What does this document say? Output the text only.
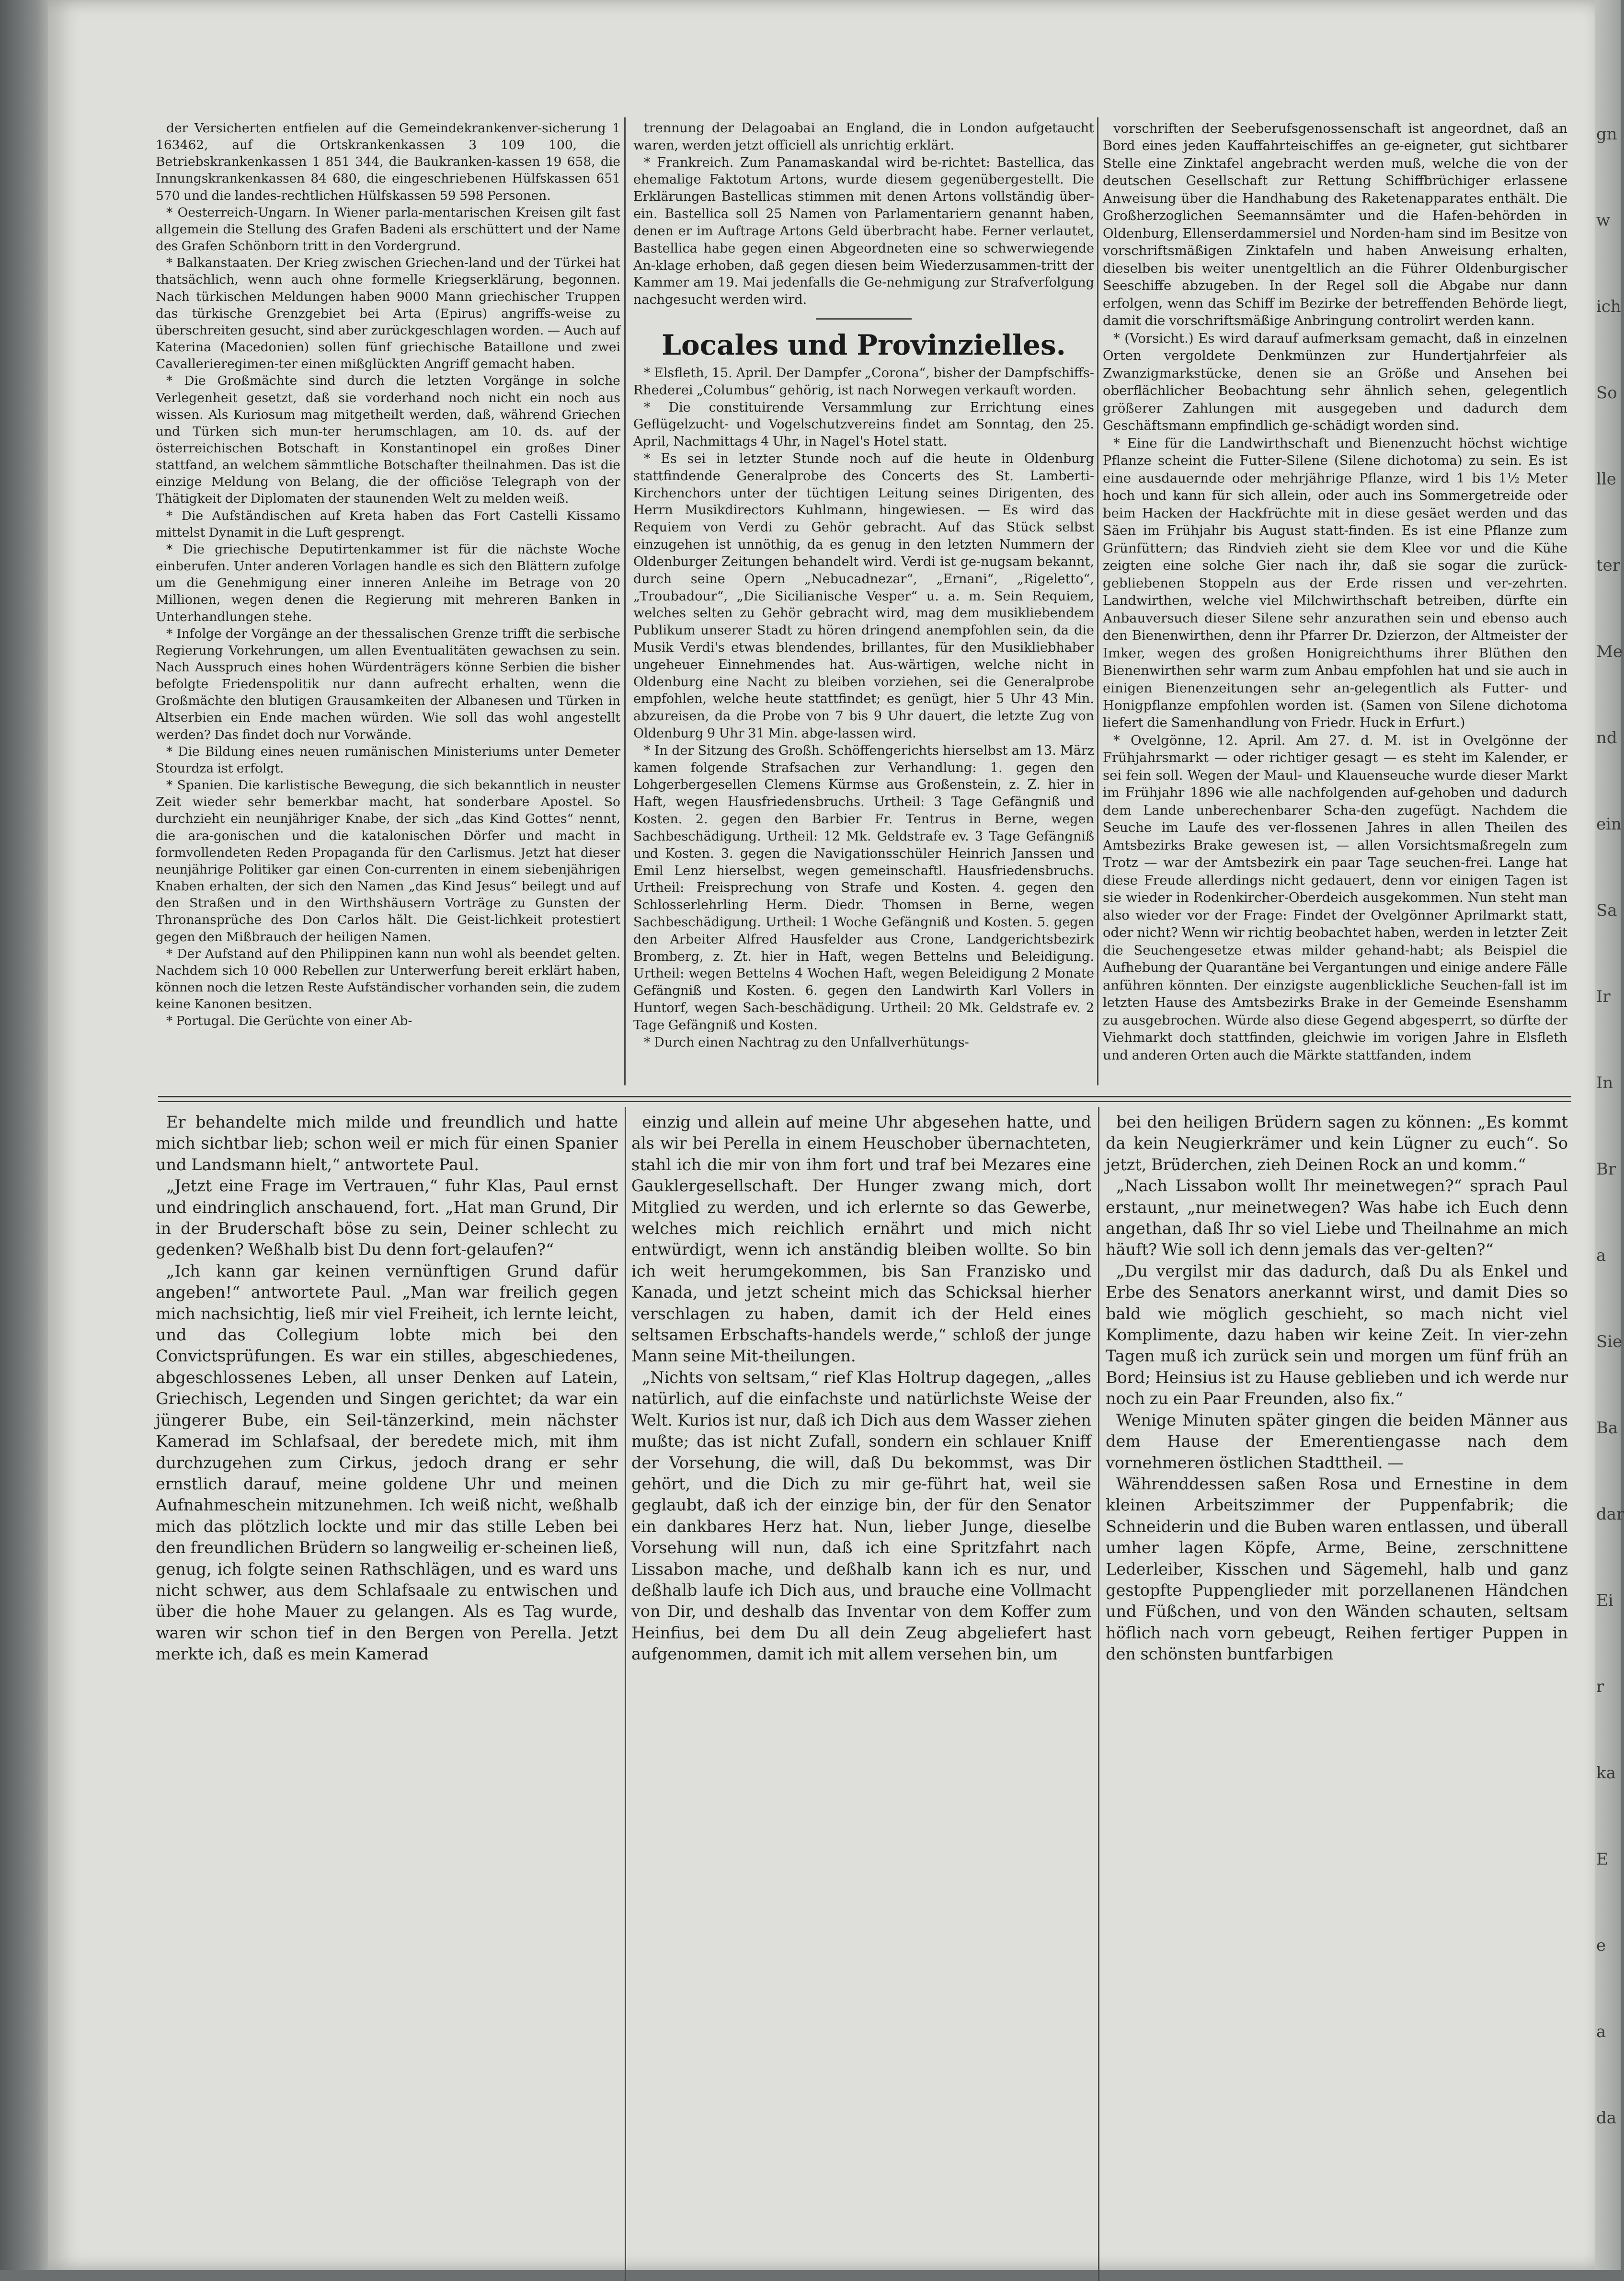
gn
w
ich
So
lle
ter
Me
nd
ein
Sa
Ir
In
Br
a
Sie
Ba
dar
Ei
r
ka
E
e
a
da

der Versicherten entfielen auf die Gemeindekrankenver-sicherung 1 163462, auf die Ortskrankenkassen 3 109 100, die Betriebskrankenkassen 1 851 344, die Baukranken-kassen 19 658, die Innungskrankenkassen 84 680, die eingeschriebenen Hülfskassen 651 570 und die landes-rechtlichen Hülfskassen 59 598 Personen.

* Oesterreich-Ungarn. In Wiener parla-mentarischen Kreisen gilt fast allgemein die Stellung des Grafen Badeni als erschüttert und der Name des Grafen Schönborn tritt in den Vordergrund.

* Balkanstaaten. Der Krieg zwischen Griechen-land und der Türkei hat thatsächlich, wenn auch ohne formelle Kriegserklärung, begonnen. Nach türkischen Meldungen haben 9000 Mann griechischer Truppen das türkische Grenzgebiet bei Arta (Epirus) angriffs-weise zu überschreiten gesucht, sind aber zurückgeschlagen worden. — Auch auf Katerina (Macedonien) sollen fünf griechische Bataillone und zwei Cavallerieregimen-ter einen mißglückten Angriff gemacht haben.

* Die Großmächte sind durch die letzten Vorgänge in solche Verlegenheit gesetzt, daß sie vorderhand noch nicht ein noch aus wissen. Als Kuriosum mag mitgetheilt werden, daß, während Griechen und Türken sich mun-ter herumschlagen, am 10. ds. auf der österreichischen Botschaft in Konstantinopel ein großes Diner stattfand, an welchem sämmtliche Botschafter theilnahmen. Das ist die einzige Meldung von Belang, die der officiöse Telegraph von der Thätigkeit der Diplomaten der staunenden Welt zu melden weiß.

* Die Aufständischen auf Kreta haben das Fort Castelli Kissamo mittelst Dynamit in die Luft gesprengt.

* Die griechische Deputirtenkammer ist für die nächste Woche einberufen. Unter anderen Vorlagen handle es sich den Blättern zufolge um die Genehmigung einer inneren Anleihe im Betrage von 20 Millionen, wegen denen die Regierung mit mehreren Banken in Unterhandlungen stehe.

* Infolge der Vorgänge an der thessalischen Grenze trifft die serbische Regierung Vorkehrungen, um allen Eventualitäten gewachsen zu sein. Nach Ausspruch eines hohen Würdenträgers könne Serbien die bisher befolgte Friedenspolitik nur dann aufrecht erhalten, wenn die Großmächte den blutigen Grausamkeiten der Albanesen und Türken in Altserbien ein Ende machen würden. Wie soll das wohl angestellt werden? Das findet doch nur Vorwände.

* Die Bildung eines neuen rumänischen Ministeriums unter Demeter Stourdza ist erfolgt.

* Spanien. Die karlistische Bewegung, die sich bekanntlich in neuster Zeit wieder sehr bemerkbar macht, hat sonderbare Apostel. So durchzieht ein neunjähriger Knabe, der sich „das Kind Gottes“ nennt, die ara-gonischen und die katalonischen Dörfer und macht in formvollendeten Reden Propaganda für den Carlismus. Jetzt hat dieser neunjährige Politiker gar einen Con-currenten in einem siebenjährigen Knaben erhalten, der sich den Namen „das Kind Jesus“ beilegt und auf den Straßen und in den Wirthshäusern Vorträge zu Gunsten der Thronansprüche des Don Carlos hält. Die Geist-lichkeit protestiert gegen den Mißbrauch der heiligen Namen.

* Der Aufstand auf den Philippinen kann nun wohl als beendet gelten. Nachdem sich 10 000 Rebellen zur Unterwerfung bereit erklärt haben, können noch die letzen Reste Aufständischer vorhanden sein, die zudem keine Kanonen besitzen.

* Portugal. Die Gerüchte von einer Ab-

trennung der Delagoabai an England, die in London aufgetaucht waren, werden jetzt officiell als unrichtig erklärt.

* Frankreich. Zum Panamaskandal wird be-richtet: Bastellica, das ehemalige Faktotum Artons, wurde diesem gegenübergestellt. Die Erklärungen Bastellicas stimmen mit denen Artons vollständig über-ein. Bastellica soll 25 Namen von Parlamentariern genannt haben, denen er im Auftrage Artons Geld überbracht habe. Ferner verlautet, Bastellica habe gegen einen Abgeordneten eine so schwerwiegende An-klage erhoben, daß gegen diesen beim Wiederzusammen-tritt der Kammer am 19. Mai jedenfalls die Ge-nehmigung zur Strafverfolgung nachgesucht werden wird.

Locales und Provinzielles.

* Elsfleth, 15. April. Der Dampfer „Corona“, bisher der Dampfschiffs-Rhederei „Columbus“ gehörig, ist nach Norwegen verkauft worden.

* Die constituirende Versammlung zur Errichtung eines Geflügelzucht- und Vogelschutzvereins findet am Sonntag, den 25. April, Nachmittags 4 Uhr, in Nagel's Hotel statt.

* Es sei in letzter Stunde noch auf die heute in Oldenburg stattfindende Generalprobe des Concerts des St. Lamberti-Kirchenchors unter der tüchtigen Leitung seines Dirigenten, des Herrn Musikdirectors Kuhlmann, hingewiesen. — Es wird das Requiem von Verdi zu Gehör gebracht. Auf das Stück selbst einzugehen ist unnöthig, da es genug in den letzten Nummern der Oldenburger Zeitungen behandelt wird. Verdi ist ge-nugsam bekannt, durch seine Opern „Nebucadnezar“, „Ernani“, „Rigeletto“, „Troubadour“, „Die Sicilianische Vesper“ u. a. m. Sein Requiem, welches selten zu Gehör gebracht wird, mag dem musikliebendem Publikum unserer Stadt zu hören dringend anempfohlen sein, da die Musik Verdi's etwas blendendes, brillantes, für den Musikliebhaber ungeheuer Einnehmendes hat. Aus-wärtigen, welche nicht in Oldenburg eine Nacht zu bleiben vorziehen, sei die Generalprobe empfohlen, welche heute stattfindet; es genügt, hier 5 Uhr 43 Min. abzureisen, da die Probe von 7 bis 9 Uhr dauert, die letzte Zug von Oldenburg 9 Uhr 31 Min. abge-lassen wird.

* In der Sitzung des Großh. Schöffengerichts hierselbst am 13. März kamen folgende Strafsachen zur Verhandlung: 1. gegen den Lohgerbergesellen Clemens Kürmse aus Großenstein, z. Z. hier in Haft, wegen Hausfriedensbruchs. Urtheil: 3 Tage Gefängniß und Kosten. 2. gegen den Barbier Fr. Tentrus in Berne, wegen Sachbeschädigung. Urtheil: 12 Mk. Geldstrafe ev. 3 Tage Gefängniß und Kosten. 3. gegen die Navigationsschüler Heinrich Janssen und Emil Lenz hierselbst, wegen gemeinschaftl. Hausfriedensbruchs. Urtheil: Freisprechung von Strafe und Kosten. 4. gegen den Schlosserlehrling Herm. Diedr. Thomsen in Berne, wegen Sachbeschädigung. Urtheil: 1 Woche Gefängniß und Kosten. 5. gegen den Arbeiter Alfred Hausfelder aus Crone, Landgerichtsbezirk Bromberg, z. Zt. hier in Haft, wegen Bettelns und Beleidigung. Urtheil: wegen Bettelns 4 Wochen Haft, wegen Beleidigung 2 Monate Gefängniß und Kosten. 6. gegen den Landwirth Karl Vollers in Huntorf, wegen Sach-beschädigung. Urtheil: 20 Mk. Geldstrafe ev. 2 Tage Gefängniß und Kosten.

* Durch einen Nachtrag zu den Unfallverhütungs-

vorschriften der Seeberufsgenossenschaft ist angeordnet, daß an Bord eines jeden Kauffahrteischiffes an ge-eigneter, gut sichtbarer Stelle eine Zinktafel angebracht werden muß, welche die von der deutschen Gesellschaft zur Rettung Schiffbrüchiger erlassene Anweisung über die Handhabung des Raketenapparates enthält. Die Großherzoglichen Seemannsämter und die Hafen-behörden in Oldenburg, Ellenserdammersiel und Norden-ham sind im Besitze von vorschriftsmäßigen Zinktafeln und haben Anweisung erhalten, dieselben bis weiter unentgeltlich an die Führer Oldenburgischer Seeschiffe abzugeben. In der Regel soll die Abgabe nur dann erfolgen, wenn das Schiff im Bezirke der betreffenden Behörde liegt, damit die vorschriftsmäßige Anbringung controlirt werden kann.

* (Vorsicht.) Es wird darauf aufmerksam gemacht, daß in einzelnen Orten vergoldete Denkmünzen zur Hundertjahrfeier als Zwanzigmarkstücke, denen sie an Größe und Ansehen bei oberflächlicher Beobachtung sehr ähnlich sehen, gelegentlich größerer Zahlungen mit ausgegeben und dadurch dem Geschäftsmann empfindlich ge-schädigt worden sind.

* Eine für die Landwirthschaft und Bienenzucht höchst wichtige Pflanze scheint die Futter-Silene (Silene dichotoma) zu sein. Es ist eine ausdauernde oder mehrjährige Pflanze, wird 1 bis 1½ Meter hoch und kann für sich allein, oder auch ins Sommergetreide oder beim Hacken der Hackfrüchte mit in diese gesäet werden und das Säen im Frühjahr bis August statt-finden. Es ist eine Pflanze zum Grünfüttern; das Rindvieh zieht sie dem Klee vor und die Kühe zeigten eine solche Gier nach ihr, daß sie sogar die zurück-gebliebenen Stoppeln aus der Erde rissen und ver-zehrten. Landwirthen, welche viel Milchwirthschaft betreiben, dürfte ein Anbauversuch dieser Silene sehr anzurathen sein und ebenso auch den Bienenwirthen, denn ihr Pfarrer Dr. Dzierzon, der Altmeister der Imker, wegen des großen Honigreichthums ihrer Blüthen den Bienenwirthen sehr warm zum Anbau empfohlen hat und sie auch in einigen Bienenzeitungen sehr an-gelegentlich als Futter- und Honigpflanze empfohlen worden ist. (Samen von Silene dichotoma liefert die Samenhandlung von Friedr. Huck in Erfurt.)

* Ovelgönne, 12. April. Am 27. d. M. ist in Ovelgönne der Frühjahrsmarkt — oder richtiger gesagt — es steht im Kalender, er sei fein soll. Wegen der Maul- und Klauenseuche wurde dieser Markt im Frühjahr 1896 wie alle nachfolgenden auf-gehoben und dadurch dem Lande unberechenbarer Scha-den zugefügt. Nachdem die Seuche im Laufe des ver-flossenen Jahres in allen Theilen des Amtsbezirks Brake gewesen ist, — allen Vorsichtsmaßregeln zum Trotz — war der Amtsbezirk ein paar Tage seuchen-frei. Lange hat diese Freude allerdings nicht gedauert, denn vor einigen Tagen ist sie wieder in Rodenkircher-Oberdeich ausgekommen. Nun steht man also wieder vor der Frage: Findet der Ovelgönner Aprilmarkt statt, oder nicht? Wenn wir richtig beobachtet haben, werden in letzter Zeit die Seuchengesetze etwas milder gehand-habt; als Beispiel die Aufhebung der Quarantäne bei Vergantungen und einige andere Fälle anführen könnten. Der einzigste augenblickliche Seuchen-fall ist im letzten Hause des Amtsbezirks Brake in der Gemeinde Esenshamm zu ausgebrochen. Würde also diese Gegend abgesperrt, so dürfte der Viehmarkt doch stattfinden, gleichwie im vorigen Jahre in Elsfleth und anderen Orten auch die Märkte stattfanden, indem

Er behandelte mich milde und freundlich und hatte mich sichtbar lieb; schon weil er mich für einen Spanier und Landsmann hielt,“ antwortete Paul.

„Jetzt eine Frage im Vertrauen,“ fuhr Klas, Paul ernst und eindringlich anschauend, fort. „Hat man Grund, Dir in der Bruderschaft böse zu sein, Deiner schlecht zu gedenken? Weßhalb bist Du denn fort-gelaufen?“

„Ich kann gar keinen vernünftigen Grund dafür angeben!“ antwortete Paul. „Man war freilich gegen mich nachsichtig, ließ mir viel Freiheit, ich lernte leicht, und das Collegium lobte mich bei den Convictsprüfungen. Es war ein stilles, abgeschiedenes, abgeschlossenes Leben, all unser Denken auf Latein, Griechisch, Legenden und Singen gerichtet; da war ein jüngerer Bube, ein Seil-tänzerkind, mein nächster Kamerad im Schlafsaal, der beredete mich, mit ihm durchzugehen zum Cirkus, jedoch drang er sehr ernstlich darauf, meine goldene Uhr und meinen Aufnahmeschein mitzunehmen. Ich weiß nicht, weßhalb mich das plötzlich lockte und mir das stille Leben bei den freundlichen Brüdern so langweilig er-scheinen ließ, genug, ich folgte seinen Rathschlägen, und es ward uns nicht schwer, aus dem Schlafsaale zu entwischen und über die hohe Mauer zu gelangen. Als es Tag wurde, waren wir schon tief in den Bergen von Perella. Jetzt merkte ich, daß es mein Kamerad

einzig und allein auf meine Uhr abgesehen hatte, und als wir bei Perella in einem Heuschober übernachteten, stahl ich die mir von ihm fort und traf bei Mezares eine Gauklergesellschaft. Der Hunger zwang mich, dort Mitglied zu werden, und ich erlernte so das Gewerbe, welches mich reichlich ernährt und mich nicht entwürdigt, wenn ich anständig bleiben wollte. So bin ich weit herumgekommen, bis San Franzisko und Kanada, und jetzt scheint mich das Schicksal hierher verschlagen zu haben, damit ich der Held eines seltsamen Erbschafts-handels werde,“ schloß der junge Mann seine Mit-theilungen.

„Nichts von seltsam,“ rief Klas Holtrup dagegen, „alles natürlich, auf die einfachste und natürlichste Weise der Welt. Kurios ist nur, daß ich Dich aus dem Wasser ziehen mußte; das ist nicht Zufall, sondern ein schlauer Kniff der Vorsehung, die will, daß Du bekommst, was Dir gehört, und die Dich zu mir ge-führt hat, weil sie geglaubt, daß ich der einzige bin, der für den Senator ein dankbares Herz hat. Nun, lieber Junge, dieselbe Vorsehung will nun, daß ich eine Spritzfahrt nach Lissabon mache, und deßhalb kann ich es nur, und deßhalb laufe ich Dich aus, und brauche eine Vollmacht von Dir, und deshalb das Inventar von dem Koffer zum Heinfius, bei dem Du all dein Zeug abgeliefert hast aufgenommen, damit ich mit allem versehen bin, um

bei den heiligen Brüdern sagen zu können: „Es kommt da kein Neugierkrämer und kein Lügner zu euch“. So jetzt, Brüderchen, zieh Deinen Rock an und komm.“

„Nach Lissabon wollt Ihr meinetwegen?“ sprach Paul erstaunt, „nur meinetwegen? Was habe ich Euch denn angethan, daß Ihr so viel Liebe und Theilnahme an mich häuft? Wie soll ich denn jemals das ver-gelten?“

„Du vergilst mir das dadurch, daß Du als Enkel und Erbe des Senators anerkannt wirst, und damit Dies so bald wie möglich geschieht, so mach nicht viel Komplimente, dazu haben wir keine Zeit. In vier-zehn Tagen muß ich zurück sein und morgen um fünf früh an Bord; Heinsius ist zu Hause geblieben und ich werde nur noch zu ein Paar Freunden, also fix.“

Wenige Minuten später gingen die beiden Männer aus dem Hause der Emerentiengasse nach dem vornehmeren östlichen Stadttheil. —

Währenddessen saßen Rosa und Ernestine in dem kleinen Arbeitszimmer der Puppenfabrik; die Schneiderin und die Buben waren entlassen, und überall umher lagen Köpfe, Arme, Beine, zerschnittene Lederleiber, Kisschen und Sägemehl, halb und ganz gestopfte Puppenglieder mit porzellanenen Händchen und Füßchen, und von den Wänden schauten, seltsam höflich nach vorn gebeugt, Reihen fertiger Puppen in den schönsten buntfarbigen
